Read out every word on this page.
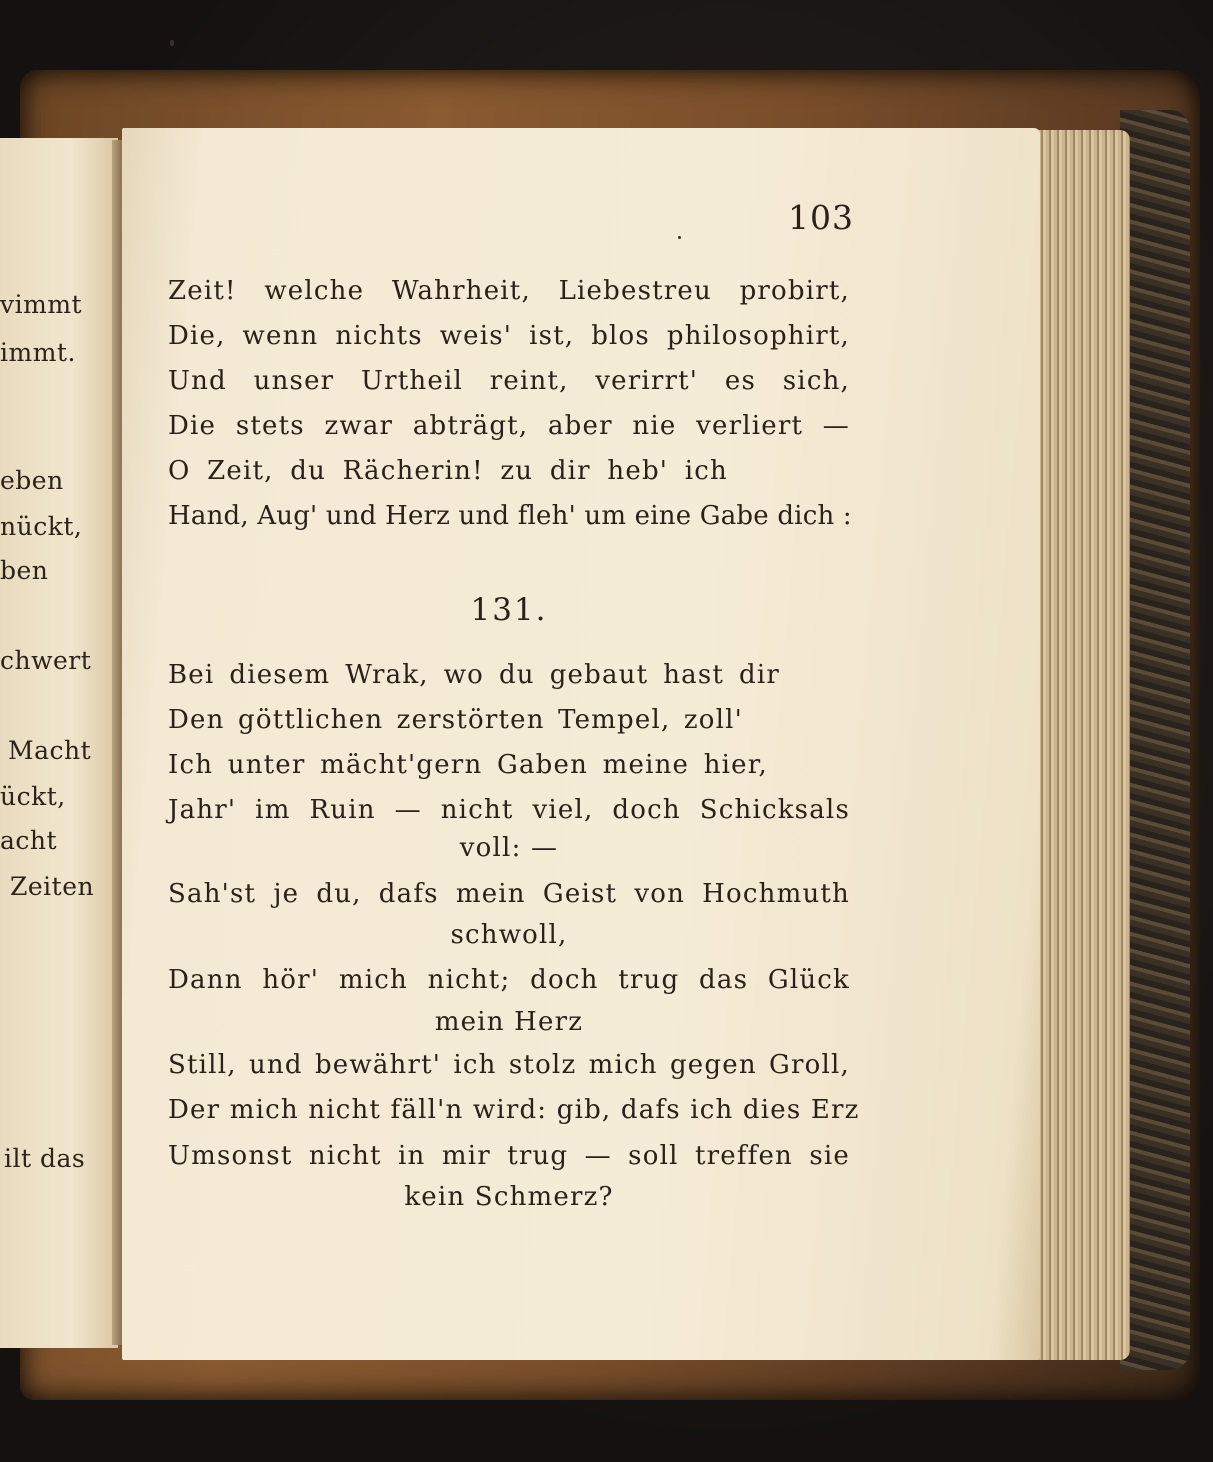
vimmt
immt.
eben
nückt,
ben
chwert
Macht
ückt,
acht
Zeiten
ilt das
103
Zeit! welche Wahrheit, Liebestreu probirt,
Die, wenn nichts weis' ist, blos philosophirt,
Und unser Urtheil reint, verirrt' es sich,
Die stets zwar abträgt, aber nie verliert —
O Zeit, du Rächerin! zu dir heb' ich
Hand, Aug' und Herz und fleh' um eine Gabe dich :
131.
Bei diesem Wrak, wo du gebaut hast dir
Den göttlichen zerstörten Tempel, zoll'
Ich unter mächt'gern Gaben meine hier,
Jahr' im Ruin — nicht viel, doch Schicksals
voll: —
Sah'st je du, dafs mein Geist von Hochmuth
schwoll,
Dann hör' mich nicht; doch trug das Glück
mein Herz
Still, und bewährt' ich stolz mich gegen Groll,
Der mich nicht fäll'n wird: gib, dafs ich dies Erz
Umsonst nicht in mir trug — soll treffen sie
kein Schmerz?
